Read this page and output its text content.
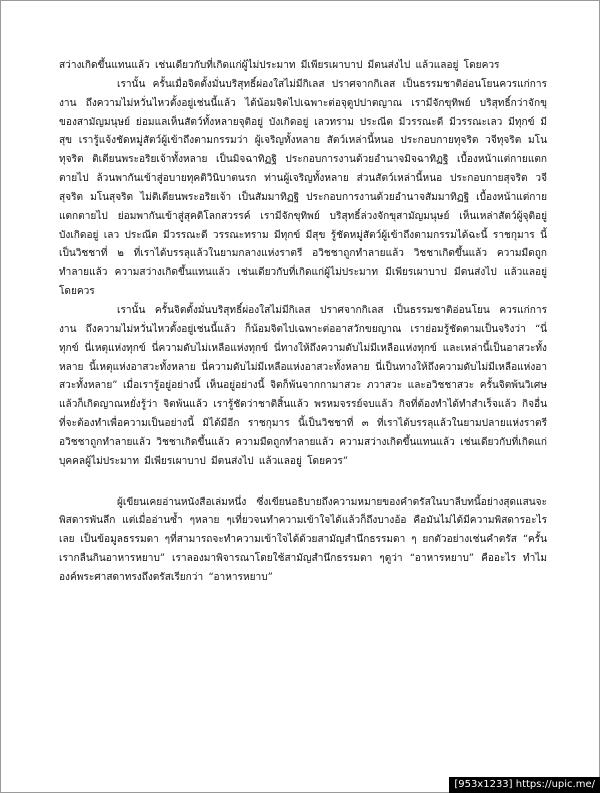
สว่างเกิดขึ้นแทนแล้ว เช่นเดียวกับที่เกิดแก่ผู้ไม่ประมาท มีเพียรเผาบาป มีตนส่งไป แล้วแลอยู่ โดยควร

เรานั้น ครั้นเมื่อจิตตั้งมั่นบริสุทธิ์ผ่องใสไม่มีกิเลส ปราศจากกิเลส เป็นธรรมชาติอ่อนโยนควรแก่การงาน ถึงความไม่หวั่นไหวตั้งอยู่เช่นนี้แล้ว ได้น้อมจิตไปเฉพาะต่อจุตูปปาตญาณ เรามีจักขุทิพย์ บริสุทธิ์กว่าจักขุของสามัญมนุษย์ ย่อมแลเห็นสัตว์ทั้งหลายจุติอยู่ บังเกิดอยู่ เลวทราม ประณีต มีวรรณะดี มีวรรณะเลว มีทุกข์ มีสุข เรารู้แจ้งชัดหมู่สัตว์ผู้เข้าถึงตามกรรมว่า ผู้เจริญทั้งหลาย สัตว์เหล่านี้หนอ ประกอบกายทุจริต วจีทุจริต มโนทุจริต ติเตียนพระอริยเจ้าทั้งหลาย เป็นมิจฉาทิฏฐิ ประกอบการงานด้วยอำนาจมิจฉาทิฏฐิ เบื้องหน้าแต่กายแตกตายไป ล้วนพากันเข้าสู่อบายทุคติวินิบาตนรก ท่านผู้เจริญทั้งหลาย ส่วนสัตว์เหล่านี้หนอ ประกอบกายสุจริต วจีสุจริต มโนสุจริต ไม่ติเตียนพระอริยเจ้า เป็นสัมมาทิฏฐิ ประกอบการงานด้วยอำนาจสัมมาทิฏฐิ เบื้องหน้าแต่กายแตกตายไป ย่อมพากันเข้าสู่สุคติโลกสวรรค์ เรามีจักขุทิพย์ บริสุทธิ์ล่วงจักขุสามัญมนุษย์ เห็นเหล่าสัตว์ผู้จุติอยู่ บังเกิดอยู่ เลว ประณีต มีวรรณะดี วรรณะทราม มีทุกข์ มีสุข รู้ชัดหมู่สัตว์ผู้เข้าถึงตามกรรมได้ฉะนี้ ราชกุมาร นี้เป็นวิชชาที่ ๒ ที่เราได้บรรลุแล้วในยามกลางแห่งราตรี อวิชชาถูกทำลายแล้ว วิชชาเกิดขึ้นแล้ว ความมืดถูกทำลายแล้ว ความสว่างเกิดขึ้นแทนแล้ว เช่นเดียวกับที่เกิดแก่ผู้ไม่ประมาท มีเพียรเผาบาป มีตนส่งไป แล้วแลอยู่ โดยควร

เรานั้น ครั้นจิตตั้งมั่นบริสุทธิ์ผ่องใสไม่มีกิเลส ปราศจากกิเลส เป็นธรรมชาติอ่อนโยน ควรแก่การงาน ถึงความไม่หวั่นไหวตั้งอยู่เช่นนี้แล้ว ก็น้อมจิตไปเฉพาะต่ออาสวักขยญาณ เราย่อมรู้ชัดตามเป็นจริงว่า “นี่ทุกข์ นี่เหตุแห่งทุกข์ นี่ความดับไม่เหลือแห่งทุกข์ นี่ทางให้ถึงความดับไม่มีเหลือแห่งทุกข์ และเหล่านี้เป็นอาสวะทั้งหลาย นี้เหตุแห่งอาสวะทั้งหลาย นี่ความดับไม่มีเหลือแห่งอาสวะทั้งหลาย นี่เป็นทางให้ถึงความดับไม่มีเหลือแห่งอาสวะทั้งหลาย” เมื่อเรารู้อยู่อย่างนี้ เห็นอยู่อย่างนี้ จิตก็พ้นจากกามาสวะ ภวาสวะ และอวิชชาสวะ ครั้นจิตพ้นวิเศษแล้วก็เกิดญาณหยั่งรู้ว่า จิตพ้นแล้ว เรารู้ชัดว่าชาติสิ้นแล้ว พรหมจรรย์จบแล้ว กิจที่ต้องทำได้ทำสำเร็จแล้ว กิจอื่นที่จะต้องทำเพื่อความเป็นอย่างนี้ มิได้มีอีก ราชกุมาร นี้เป็นวิชชาที่ ๓ ที่เราได้บรรลุแล้วในยามปลายแห่งราตรี อวิชชาถูกทำลายแล้ว วิชชาเกิดขึ้นแล้ว ความมืดถูกทำลายแล้ว ความสว่างเกิดขึ้นแทนแล้ว เช่นเดียวกับที่เกิดแก่บุคคลผู้ไม่ประมาท มีเพียรเผาบาป มีตนส่งไป แล้วแลอยู่ โดยควร”

ผู้เขียนเคยอ่านหนังสือเล่มหนึ่ง ซึ่งเขียนอธิบายถึงความหมายของคำตรัสในบาลีบทนี้อย่างสุดแสนจะพิสดารพันลึก แต่เมื่ออ่านซ้ำ ๆหลาย ๆเที่ยวจนทำความเข้าใจได้แล้วก็ถึงบางอ้อ คือมันไม่ได้มีความพิสดารอะไรเลย เป็นข้อมูลธรรมดา ๆที่สามารถจะทำความเข้าใจได้ด้วยสามัญสำนึกธรรมดา ๆ ยกตัวอย่างเช่นคำตรัส “ครั้นเรากลืนกินอาหารหยาบ” เราลองมาพิจารณาโดยใช้สามัญสำนึกธรรมดา ๆดูว่า “อาหารหยาบ” คืออะไร ทำไมองค์พระศาสดาทรงถึงตรัสเรียกว่า “อาหารหยาบ”

[953x1233] https://upic.me/
